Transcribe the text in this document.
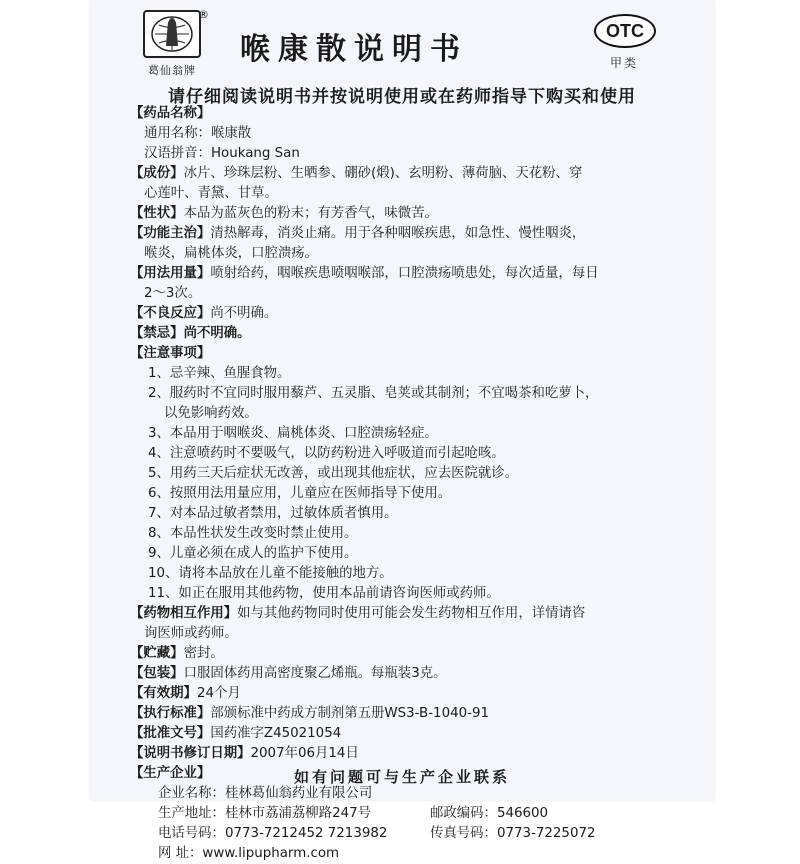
®
葛仙翁牌
喉康散说明书
OTC
甲类
请仔细阅读说明书并按说明使用或在药师指导下购买和使用

【药品名称】

通用名称：喉康散

汉语拼音：Houkang San

【成份】冰片、珍珠层粉、生晒参、硼砂(煅)、玄明粉、薄荷脑、天花粉、穿

心莲叶、青黛、甘草。

【性状】本品为蓝灰色的粉末；有芳香气，味微苦。

【功能主治】清热解毒，消炎止痛。用于各种咽喉疾患，如急性、慢性咽炎，

喉炎，扁桃体炎，口腔溃疡。

【用法用量】喷射给药，咽喉疾患喷咽喉部，口腔溃疡喷患处，每次适量，每日

2～3次。

【不良反应】尚不明确。

【禁忌】尚不明确。

【注意事项】

1、忌辛辣、鱼腥食物。

2、服药时不宜同时服用藜芦、五灵脂、皂荚或其制剂；不宜喝茶和吃萝卜，

以免影响药效。

3、本品用于咽喉炎、扁桃体炎、口腔溃疡轻症。

4、注意喷药时不要吸气，以防药粉进入呼吸道而引起呛咳。

5、用药三天后症状无改善，或出现其他症状，应去医院就诊。

6、按照用法用量应用，儿童应在医师指导下使用。

7、对本品过敏者禁用，过敏体质者慎用。

8、本品性状发生改变时禁止使用。

9、儿童必须在成人的监护下使用。

10、请将本品放在儿童不能接触的地方。

11、如正在服用其他药物，使用本品前请咨询医师或药师。

【药物相互作用】如与其他药物同时使用可能会发生药物相互作用，详情请咨

询医师或药师。

【贮藏】密封。

【包装】口服固体药用高密度聚乙烯瓶。每瓶装3克。

【有效期】24个月

【执行标准】部颁标准中药成方制剂第五册WS3-B-1040-91

【批准文号】国药准字Z45021054

【说明书修订日期】2007年06月14日

【生产企业】

企业名称：桂林葛仙翁药业有限公司

生产地址：桂林市荔浦荔柳路247号	邮政编码：546600
电话号码：0773-7212452 7213982	传真号码：0773-7225072

网 址：www.lipupharm.com

如有问题可与生产企业联系
